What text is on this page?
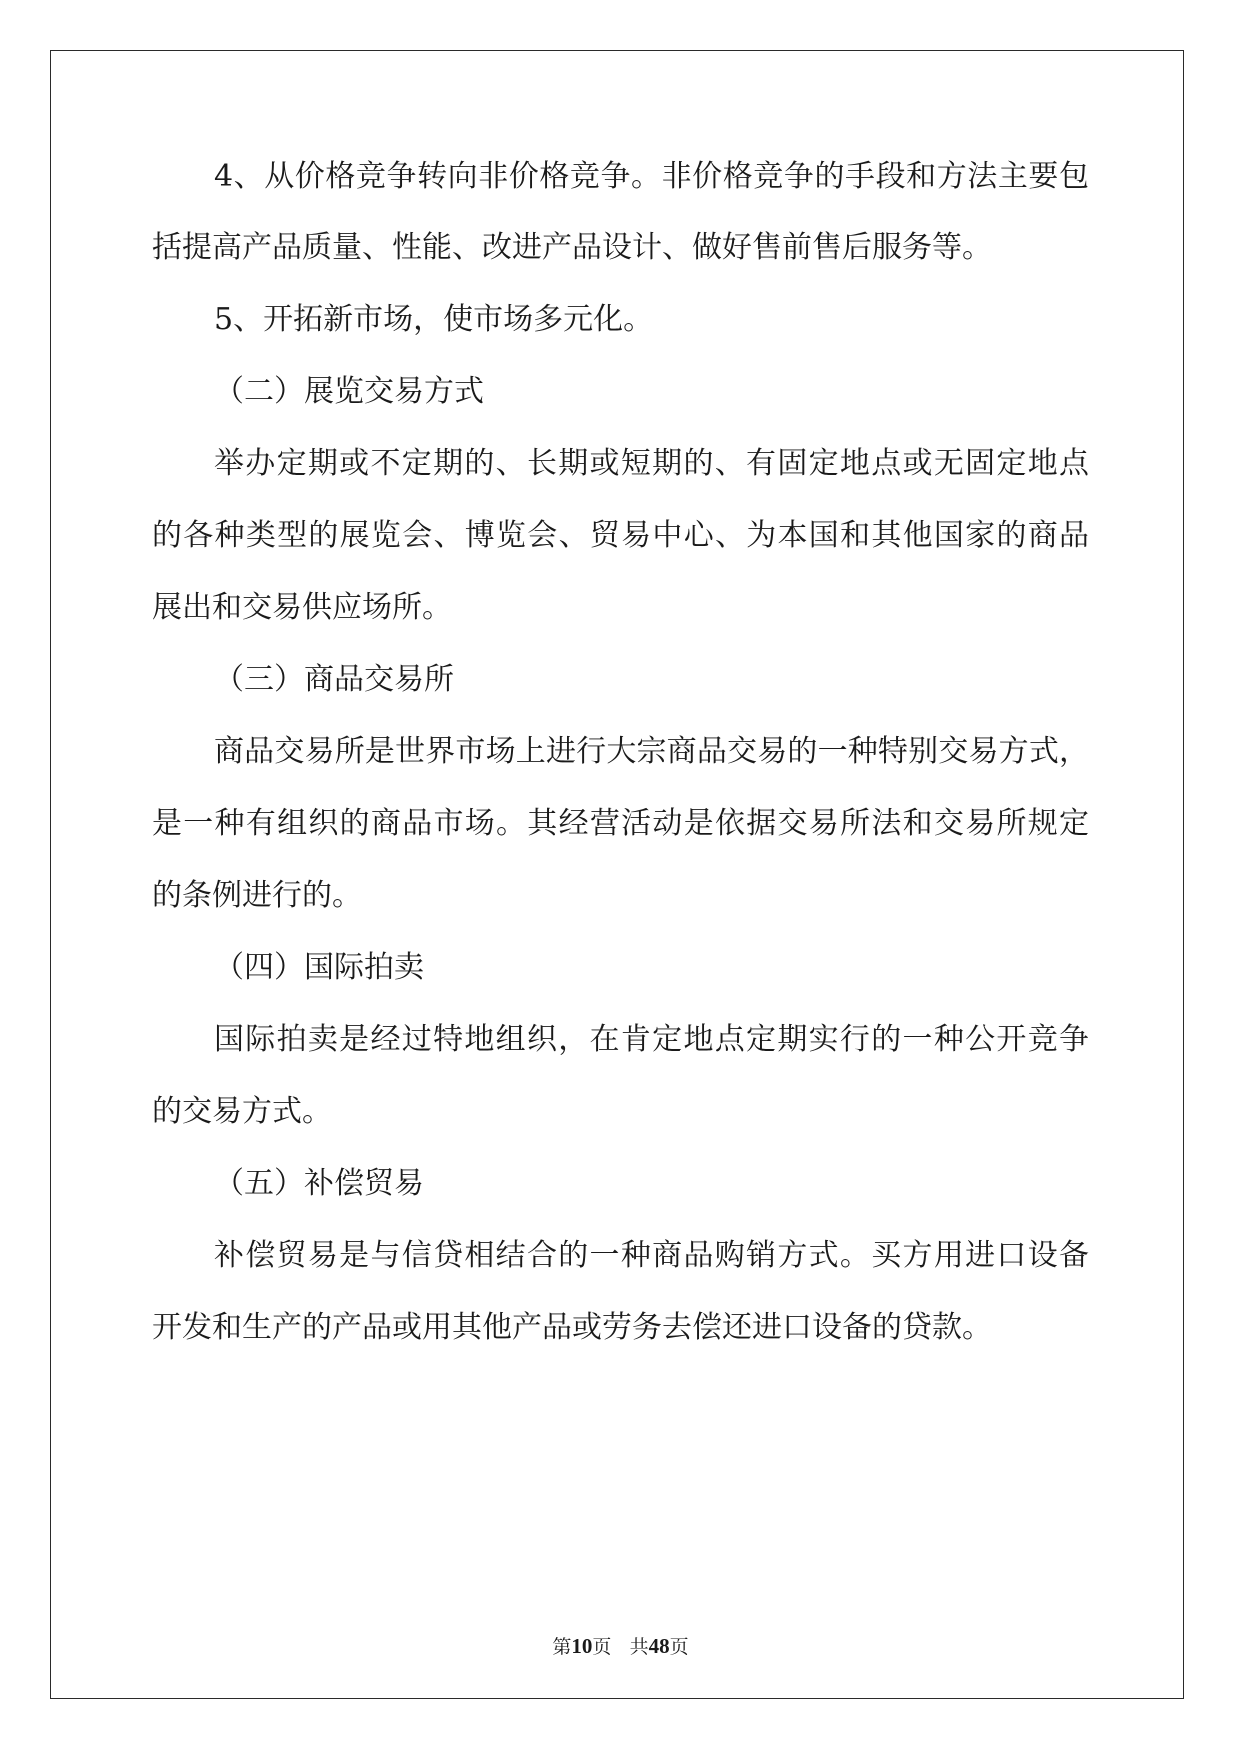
4、从价格竞争转向非价格竞争。非价格竞争的手段和方法主要包

括提高产品质量、性能、改进产品设计、做好售前售后服务等。

5、开拓新市场，使市场多元化。

（二）展览交易方式

举办定期或不定期的、长期或短期的、有固定地点或无固定地点

的各种类型的展览会、博览会、贸易中心、为本国和其他国家的商品

展出和交易供应场所。

（三）商品交易所

商品交易所是世界市场上进行大宗商品交易的一种特别交易方式，

是一种有组织的商品市场。其经营活动是依据交易所法和交易所规定

的条例进行的。

（四）国际拍卖

国际拍卖是经过特地组织，在肯定地点定期实行的一种公开竞争

的交易方式。

（五）补偿贸易

补偿贸易是与信贷相结合的一种商品购销方式。买方用进口设备

开发和生产的产品或用其他产品或劳务去偿还进口设备的贷款。

第10页 共48页
